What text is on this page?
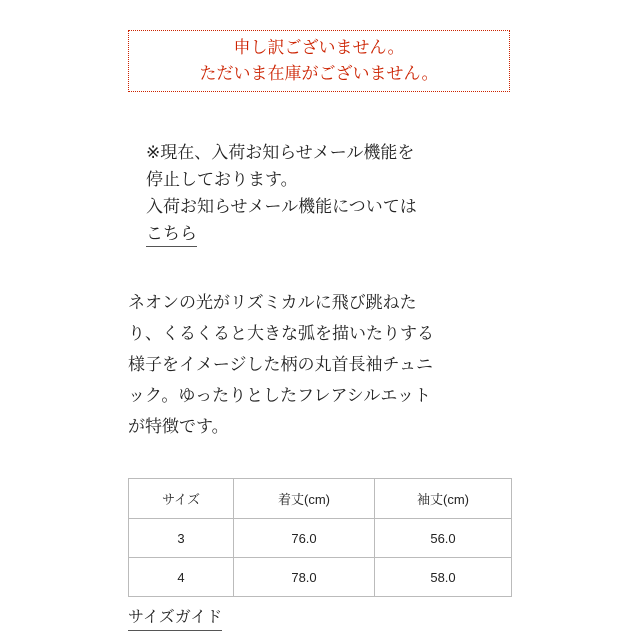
申し訳ございません。
ただいま在庫がございません。
※現在、入荷お知らせメール機能を
停止しております。
入荷お知らせメール機能については
こちら
ネオンの光がリズミカルに飛び跳ねた
り、くるくると大きな弧を描いたりする
様子をイメージした柄の丸首長袖チュニ
ック。ゆったりとしたフレアシルエット
が特徴です。
サイズ	着丈(cm)	袖丈(cm)
3	76.0	56.0
4	78.0	58.0
サイズガイド
